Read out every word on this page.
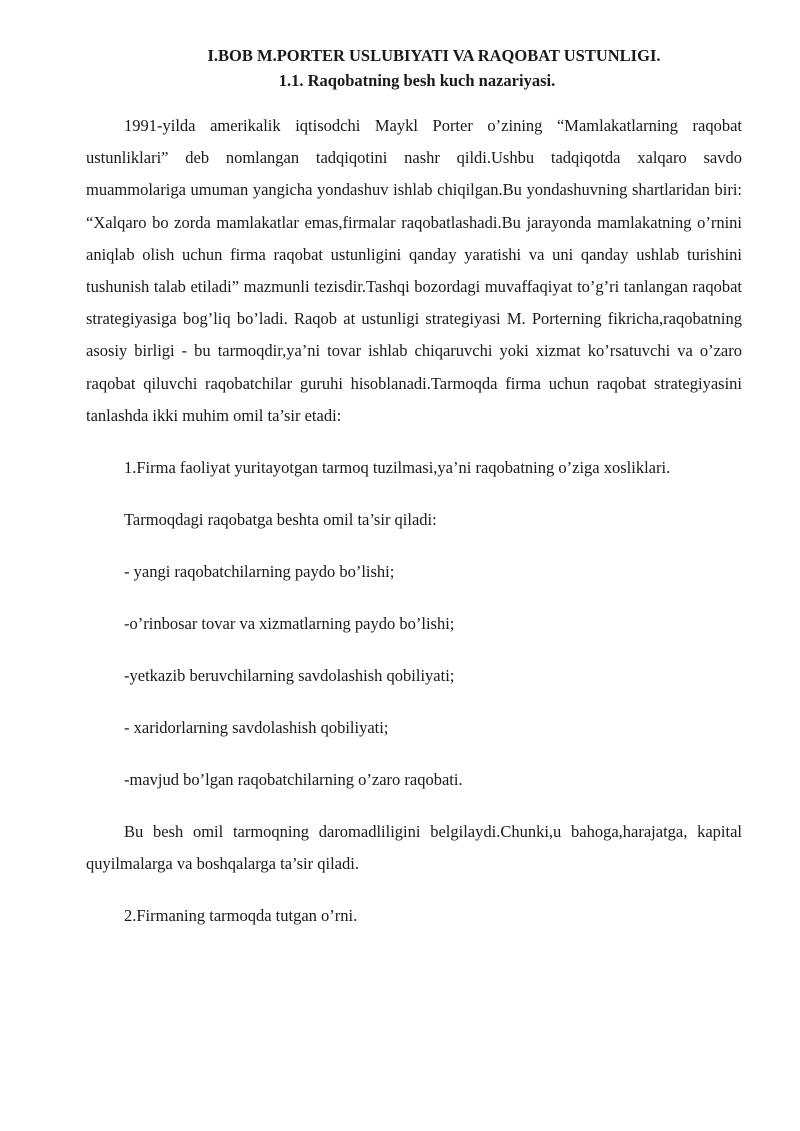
I.BOB M.PORTER USLUBIYATI VA RAQOBAT USTUNLIGI.
1.1. Raqobatning besh kuch nazariyasi.

1991-yilda amerikalik iqtisodchi Maykl Porter o’zining “Mamlakatlarning raqobat ustunliklari” deb nomlangan tadqiqotini nashr qildi.Ushbu tadqiqotda xalqaro savdo muammolariga umuman yangicha yondashuv ishlab chiqilgan.Bu yondashuvning shartlaridan biri: “Xalqaro bo zorda mamlakatlar emas,firmalar raqobatlashadi.Bu jarayonda mamlakatning o’rnini aniqlab olish uchun firma raqobat ustunligini qanday yaratishi va uni qanday ushlab turishini tushunish talab etiladi” mazmunli tezisdir.Tashqi bozordagi muvaffaqiyat to’g’ri tanlangan raqobat strategiyasiga bog’liq bo’ladi. Raqob at ustunligi strategiyasi M. Porterning fikricha,raqobatning asosiy birligi - bu tarmoqdir,ya’ni tovar ishlab chiqaruvchi yoki xizmat ko’rsatuvchi va o’zaro raqobat qiluvchi raqobatchilar guruhi hisoblanadi.Tarmoqda firma uchun raqobat strategiyasini tanlashda ikki muhim omil ta’sir etadi:

1.Firma faoliyat yuritayotgan tarmoq tuzilmasi,ya’ni raqobatning o’ziga xosliklari.

Tarmoqdagi raqobatga beshta omil ta’sir qiladi:

- yangi raqobatchilarning paydo bo’lishi;

-o’rinbosar tovar va xizmatlarning paydo bo’lishi;

-yetkazib beruvchilarning savdolashish qobiliyati;

- xaridorlarning savdolashish qobiliyati;

-mavjud bo’lgan raqobatchilarning o’zaro raqobati.

Bu besh omil tarmoqning daromadliligini belgilaydi.Chunki,u bahoga,harajatga, kapital quyilmalarga va boshqalarga ta’sir qiladi.

2.Firmaning tarmoqda tutgan o’rni.
